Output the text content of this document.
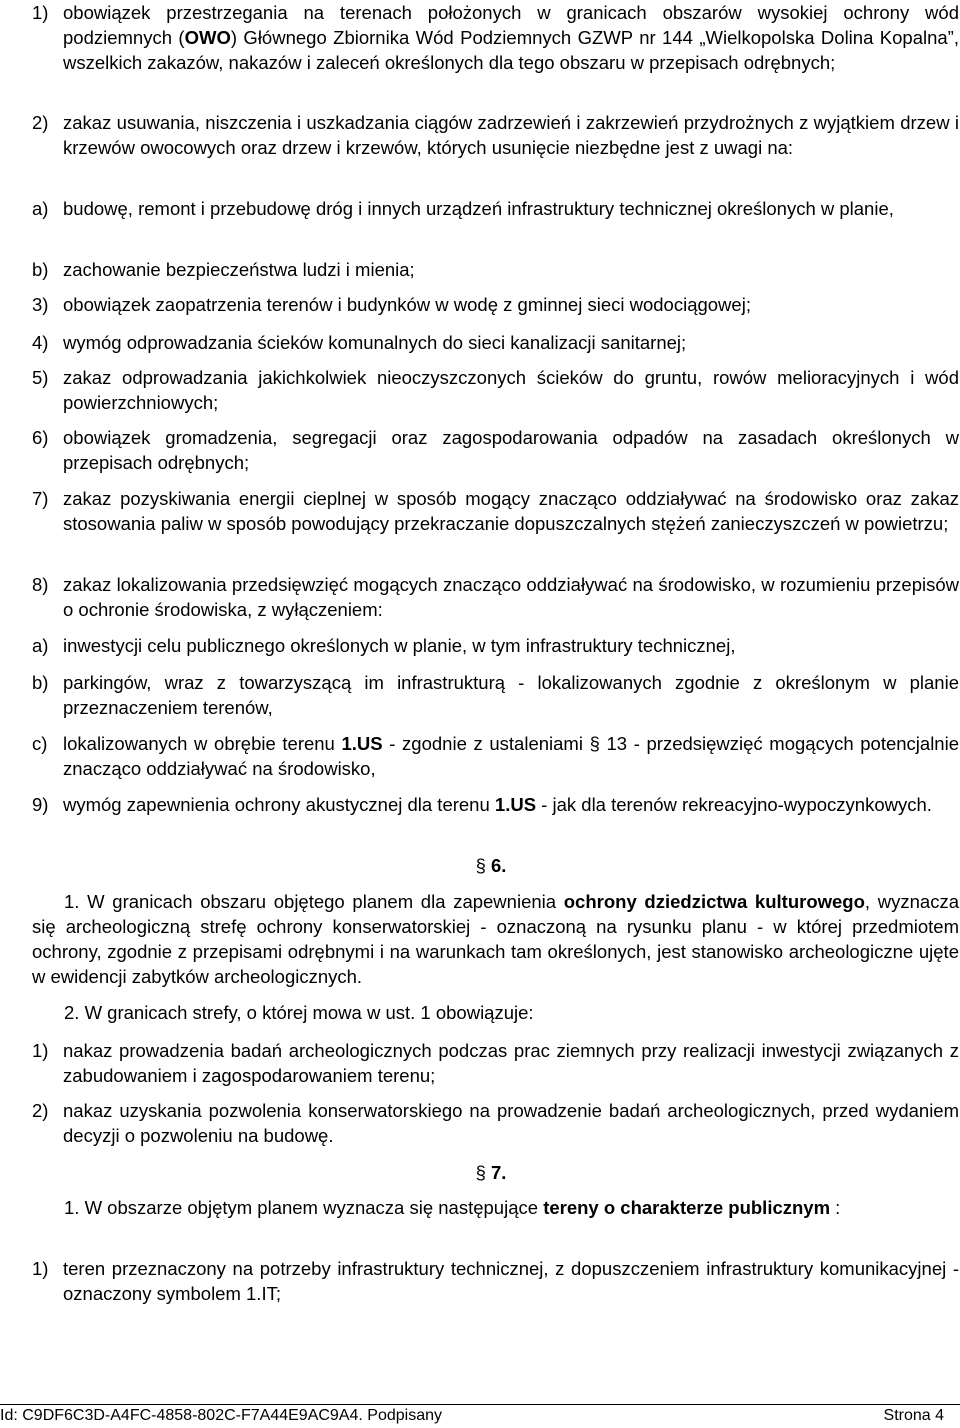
1) obowiązek przestrzegania na terenach położonych w granicach obszarów wysokiej ochrony wód podziemnych (OWO) Głównego Zbiornika Wód Podziemnych GZWP nr 144 „Wielkopolska Dolina Kopalna”, wszelkich zakazów, nakazów i zaleceń określonych dla tego obszaru w przepisach odrębnych;
2) zakaz usuwania, niszczenia i uszkadzania ciągów zadrzewień i zakrzewień przydrożnych z wyjątkiem drzew i krzewów owocowych oraz drzew i krzewów, których usunięcie niezbędne jest z uwagi na:
a) budowę, remont i przebudowę dróg i innych urządzeń infrastruktury technicznej określonych w planie,
b) zachowanie bezpieczeństwa ludzi i mienia;
3) obowiązek zaopatrzenia terenów i budynków w wodę z gminnej sieci wodociągowej;
4) wymóg odprowadzania ścieków komunalnych do sieci kanalizacji sanitarnej;
5) zakaz odprowadzania jakichkolwiek nieoczyszczonych ścieków do gruntu, rowów melioracyjnych i wód powierzchniowych;
6) obowiązek gromadzenia, segregacji oraz zagospodarowania odpadów na zasadach określonych w przepisach odrębnych;
7) zakaz pozyskiwania energii cieplnej w sposób mogący znacząco oddziaływać na środowisko oraz zakaz stosowania paliw w sposób powodujący przekraczanie dopuszczalnych stężeń zanieczyszczeń w powietrzu;
8) zakaz lokalizowania przedsięwzięć mogących znacząco oddziaływać na środowisko, w rozumieniu przepisów o ochronie środowiska, z wyłączeniem:
a) inwestycji celu publicznego określonych w planie, w tym infrastruktury technicznej,
b) parkingów, wraz z towarzyszącą im infrastrukturą - lokalizowanych zgodnie z określonym w planie przeznaczeniem terenów,
c) lokalizowanych w obrębie terenu 1.US - zgodnie z ustaleniami § 13 - przedsięwzięć mogących potencjalnie znacząco oddziaływać na środowisko,
9) wymóg zapewnienia ochrony akustycznej dla terenu 1.US - jak dla terenów rekreacyjno-wypoczynkowych.
§ 6.
1. W granicach obszaru objętego planem dla zapewnienia ochrony dziedzictwa kulturowego, wyznacza się archeologiczną strefę ochrony konserwatorskiej - oznaczoną na rysunku planu - w której przedmiotem ochrony, zgodnie z przepisami odrębnymi i na warunkach tam określonych, jest stanowisko archeologiczne ujęte w ewidencji zabytków archeologicznych.
2. W granicach strefy, o której mowa w ust. 1 obowiązuje:
1) nakaz prowadzenia badań archeologicznych podczas prac ziemnych przy realizacji inwestycji związanych z zabudowaniem i zagospodarowaniem terenu;
2) nakaz uzyskania pozwolenia konserwatorskiego na prowadzenie badań archeologicznych, przed wydaniem decyzji o pozwoleniu na budowę.
§ 7.
1. W obszarze objętym planem wyznacza się następujące tereny o charakterze publicznym :
1) teren przeznaczony na potrzeby infrastruktury technicznej, z dopuszczeniem infrastruktury komunikacyjnej - oznaczony symbolem 1.IT;
Id: C9DF6C3D-A4FC-4858-802C-F7A44E9AC9A4. Podpisany	Strona 4
